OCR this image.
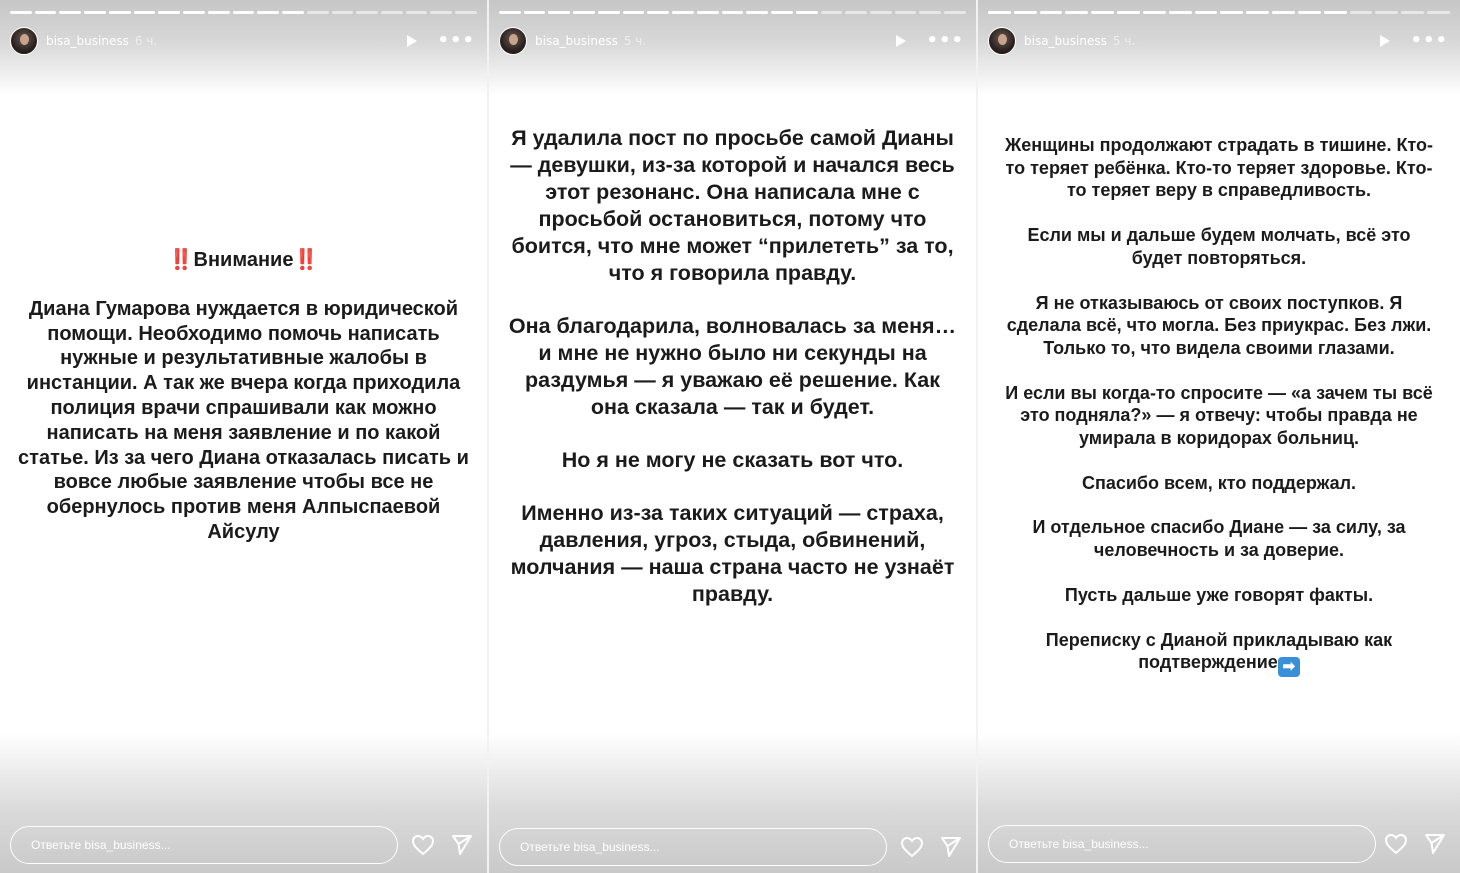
bisa_business 6 ч.	•••

‼️Внимание‼️

Диана Гумарова нуждается в юридической помощи. Необходимо помочь написать нужные и результативные жалобы в инстанции. А так же вчера когда приходила полиция врачи спрашивали как можно написать на меня заявление и по какой статье. Из за чего Диана отказалась писать и вовсе любые заявление чтобы все не обернулось против меня Алпыспаевой Айсулу

Ответьте bisa_business...
bisa_business 5 ч.	•••

Я удалила пост по просьбе самой Дианы — девушки, из-за которой и начался весь этот резонанс. Она написала мне с просьбой остановиться, потому что боится, что мне может “прилететь” за то, что я говорила правду.

Она благодарила, волновалась за меня… и мне не нужно было ни секунды на раздумья — я уважаю её решение. Как она сказала — так и будет.

Но я не могу не сказать вот что.

Именно из-за таких ситуаций — страха, давления, угроз, стыда, обвинений, молчания — наша страна часто не узнаёт правду.

Ответьте bisa_business...
bisa_business 5 ч.	•••

Женщины продолжают страдать в тишине. Кто-то теряет ребёнка. Кто-то теряет здоровье. Кто-то теряет веру в справедливость.

Если мы и дальше будем молчать, всё это будет повторяться.

Я не отказываюсь от своих поступков. Я сделала всё, что могла. Без приукрас. Без лжи. Только то, что видела своими глазами.

И если вы когда-то спросите — «а зачем ты всё это подняла?» — я отвечу: чтобы правда не умирала в коридорах больниц.

Спасибо всем, кто поддержал.

И отдельное спасибо Диане — за силу, за человечность и за доверие.

Пусть дальше уже говорят факты.

Переписку с Дианой прикладываю как подтверждение ➡

Ответьте bisa_business...
